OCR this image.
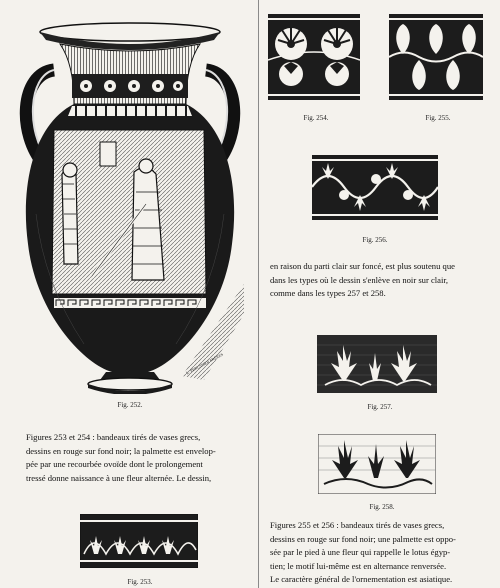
L. PERUSSIER FRÈRES
Fig. 252.

Figures 253 et 254 : bandeaux tirés de vases grecs,
dessins en rouge sur fond noir; la palmette est envelop-
pée par une recourbée ovoïde dont le prolongement
tressé donne naissance à une fleur alternée. Le dessin,

Fig. 253.
Fig. 254.	Fig. 255.
Fig. 256.

en raison du parti clair sur foncé, est plus soutenu que
dans les types où le dessin s'enlève en noir sur clair,
comme dans les types 257 et 258.

Fig. 257.
Fig. 258.

Figures 255 et 256 : bandeaux tirés de vases grecs,
dessins en rouge sur fond noir; une palmette est oppo-
sée par le pied à une fleur qui rappelle le lotus égyp-
tien; le motif lui-même est en alternance renversée.
Le caractère général de l'ornementation est asiatique.
